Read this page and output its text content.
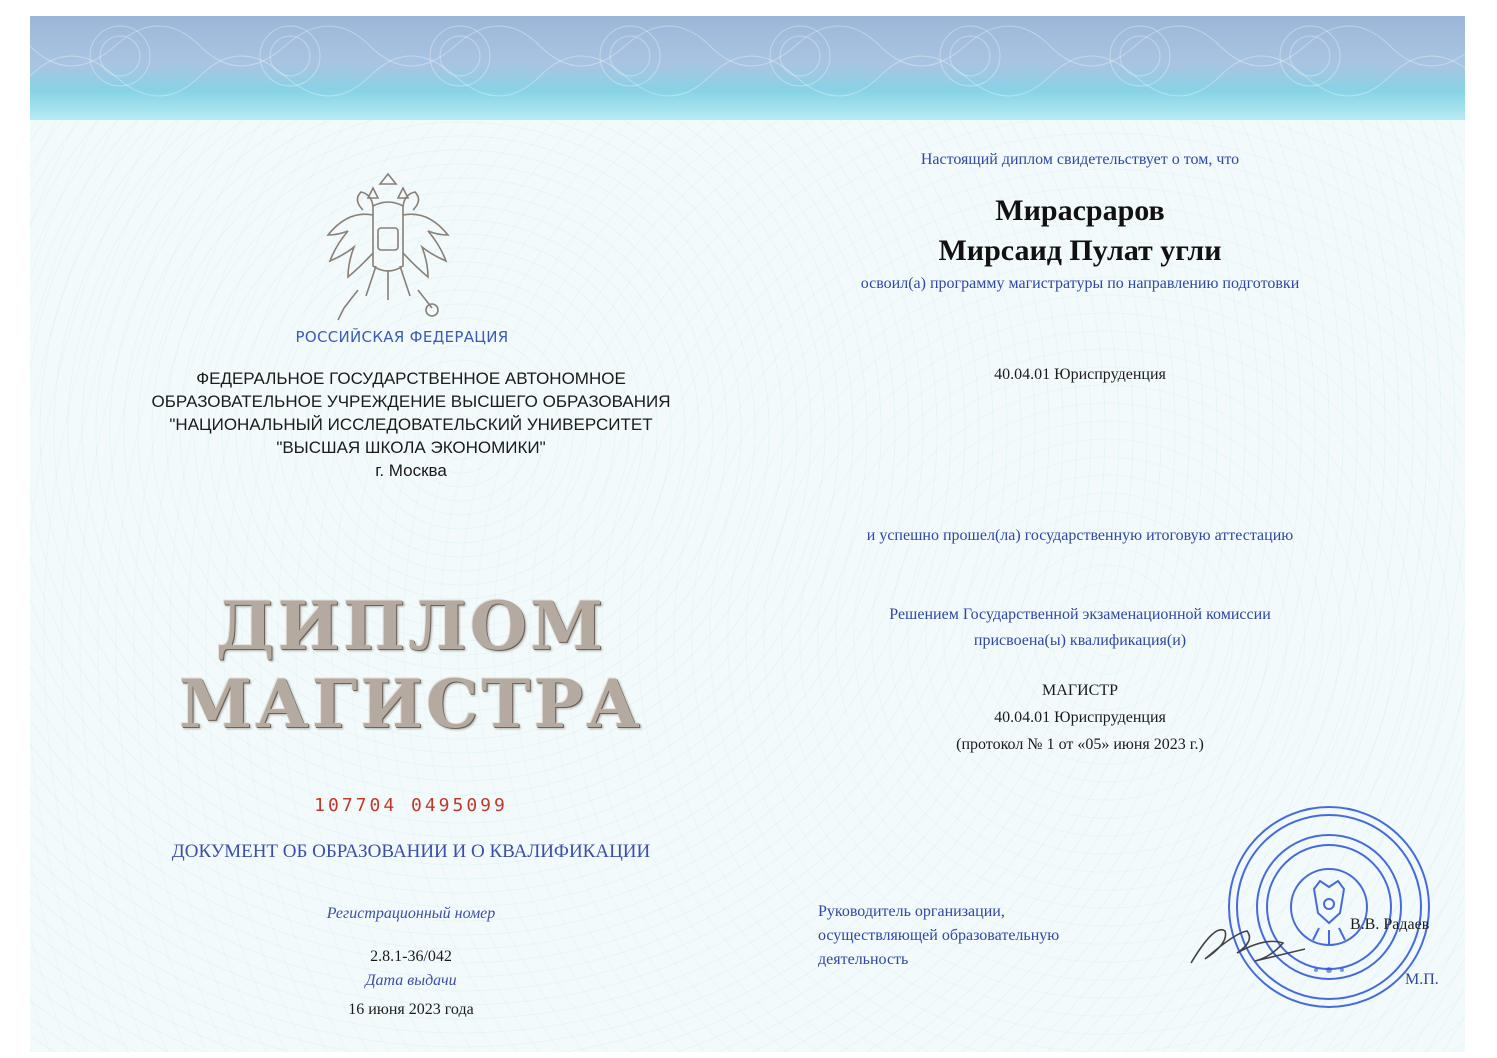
РОССИЙСКАЯ ФЕДЕРАЦИЯ

ФЕДЕРАЛЬНОЕ ГОСУДАРСТВЕННОЕ АВТОНОМНОЕ

ОБРАЗОВАТЕЛЬНОЕ УЧРЕЖДЕНИЕ ВЫСШЕГО ОБРАЗОВАНИЯ

"НАЦИОНАЛЬНЫЙ ИССЛЕДОВАТЕЛЬСКИЙ УНИВЕРСИТЕТ

"ВЫСШАЯ ШКОЛА ЭКОНОМИКИ"

г. Москва

ДИПЛОМ

МАГИСТРА

107704 0495099

ДОКУМЕНТ ОБ ОБРАЗОВАНИИ И О КВАЛИФИКАЦИИ

Регистрационный номер

2.8.1-36/042

Дата выдачи

16 июня 2023 года

Настоящий диплом свидетельствует о том, что

Мирасраров

Мирсаид Пулат угли

освоил(а) программу магистратуры по направлению подготовки

40.04.01 Юриспруденция

и успешно прошел(ла) государственную итоговую аттестацию

Решением Государственной экзаменационной комиссии

присвоена(ы) квалификация(и)

МАГИСТР

40.04.01 Юриспруденция

(протокол № 1 от «05» июня 2023 г.)

Руководитель организации,

осуществляющей образовательную

деятельность

В.В. Радаев

М.П.
